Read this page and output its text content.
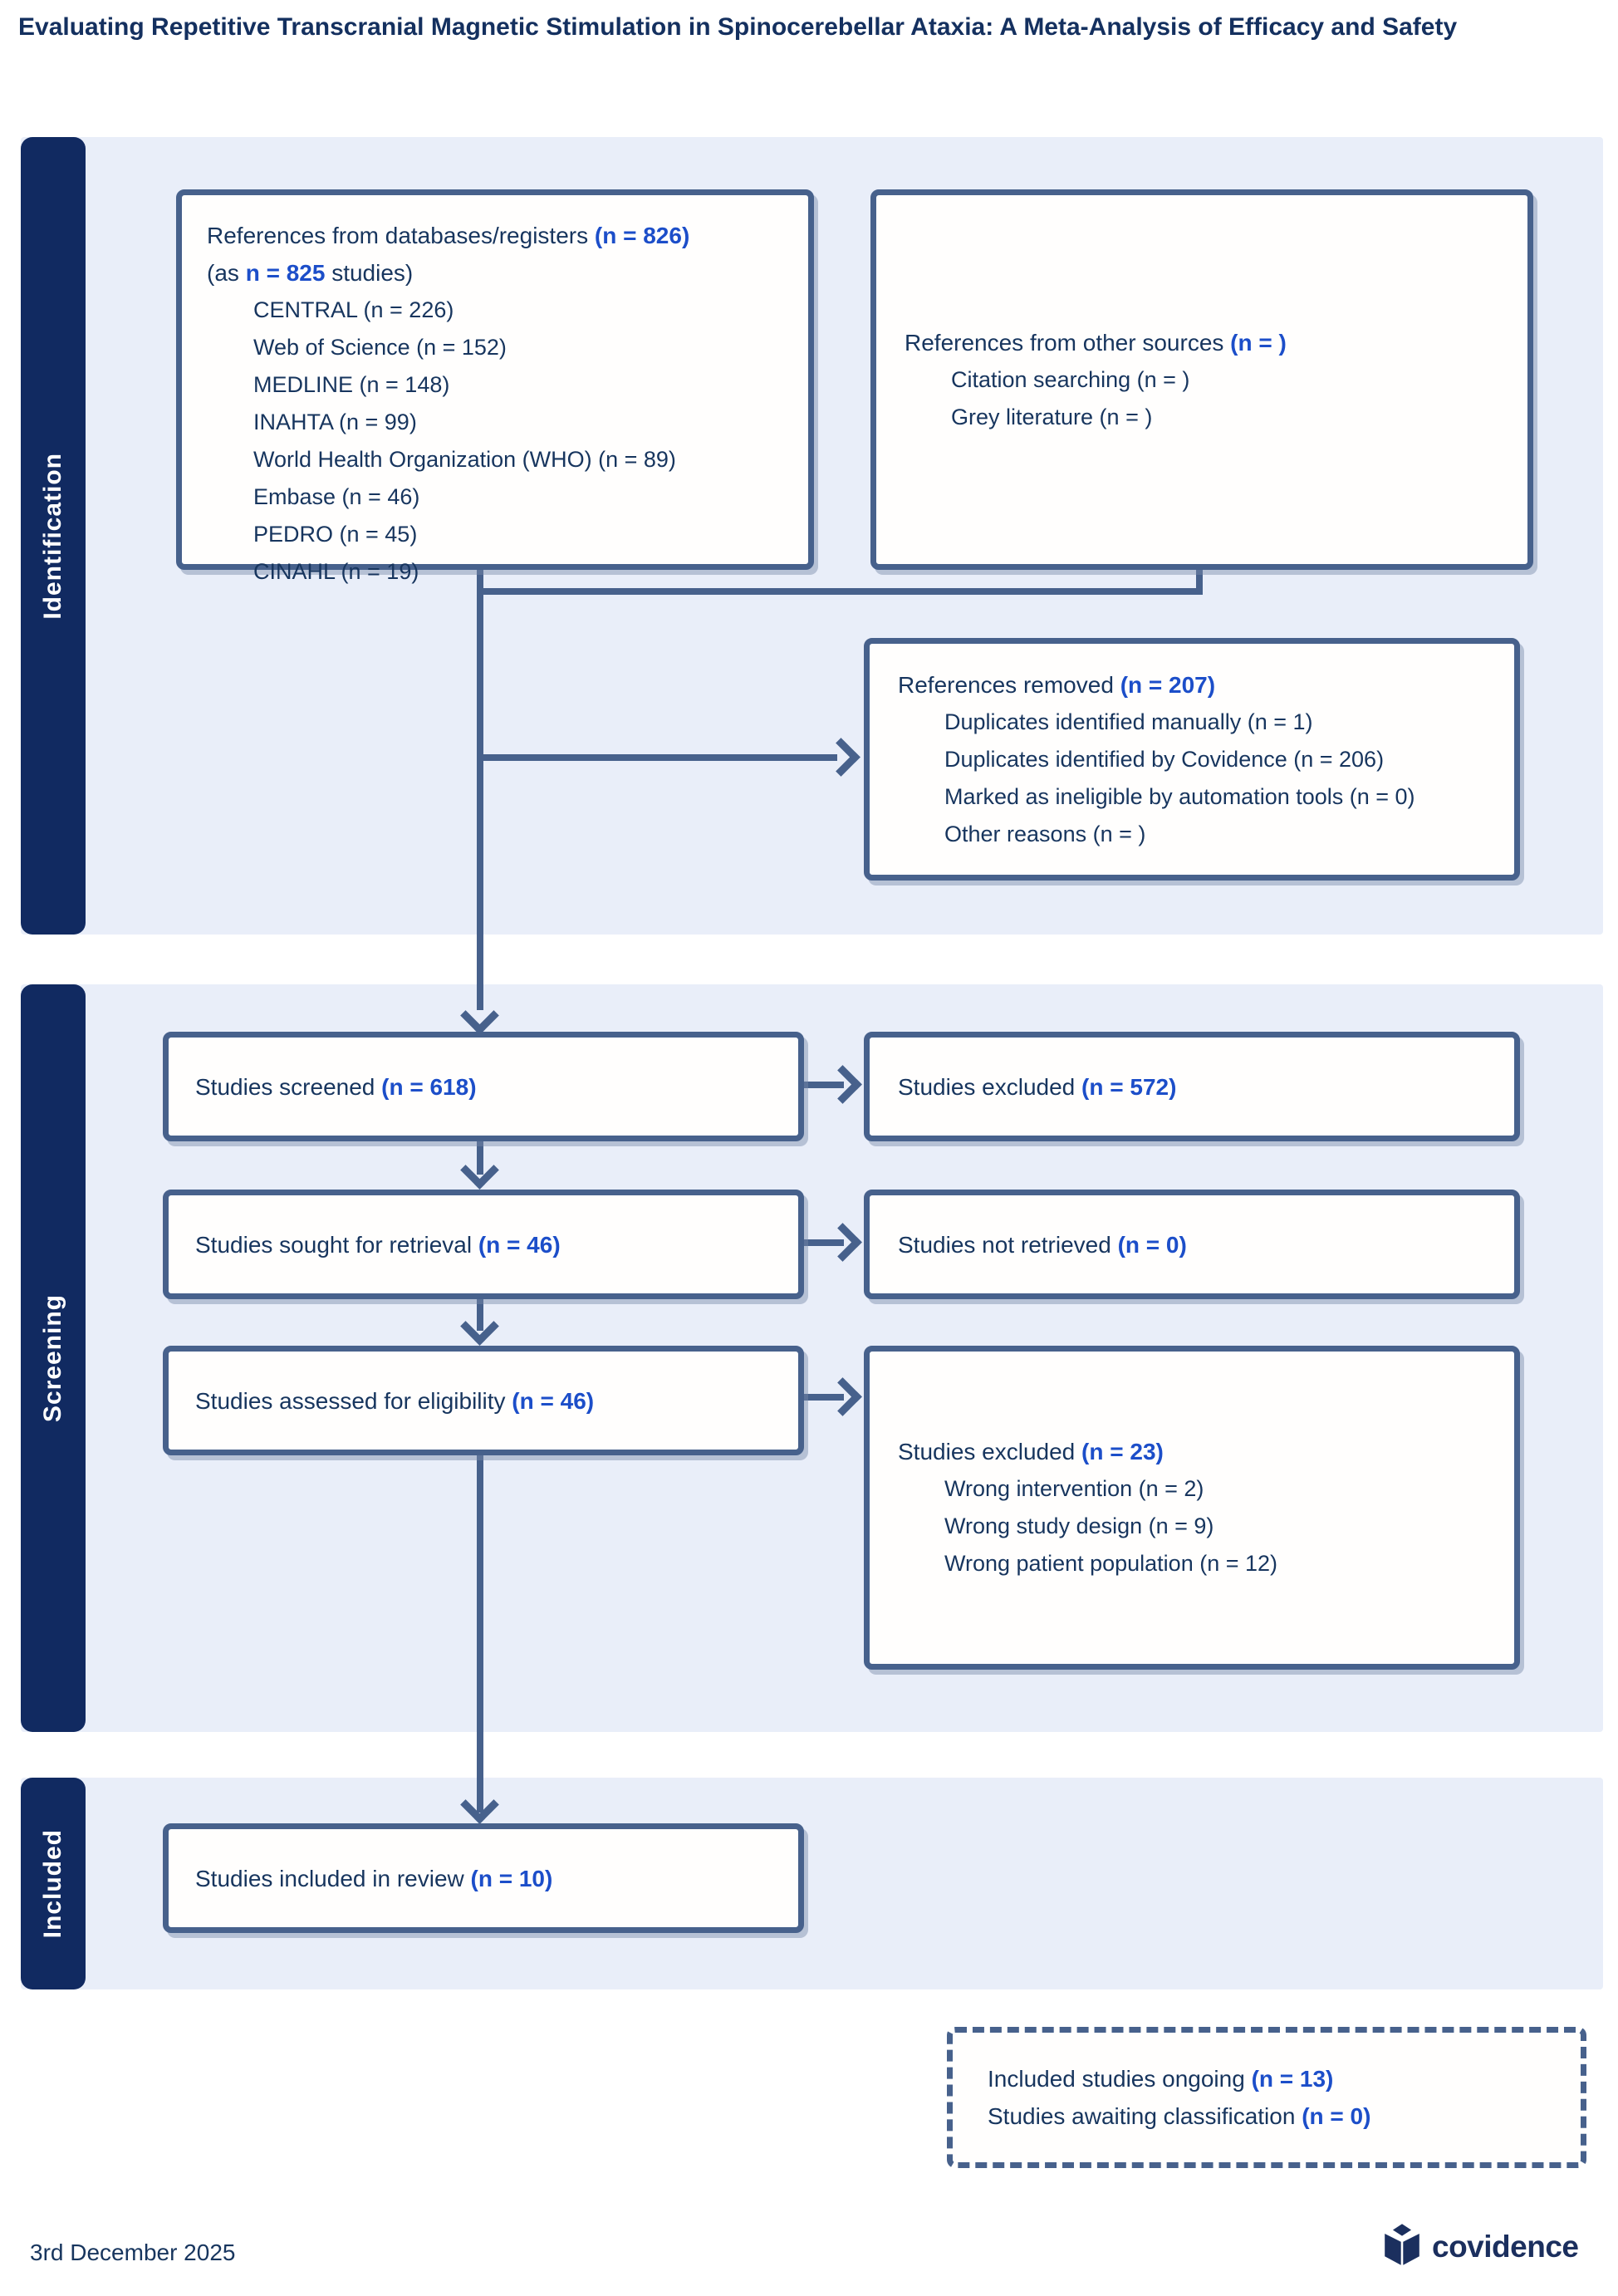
Evaluating Repetitive Transcranial Magnetic Stimulation in Spinocerebellar Ataxia: A Meta-Analysis of Efficacy and Safety
Identification
Screening
Included
References from databases/registers (n = 826)
(as n = 825 studies)
CENTRAL (n = 226)
Web of Science (n = 152)
MEDLINE (n = 148)
INAHTA (n = 99)
World Health Organization (WHO) (n = 89)
Embase (n = 46)
PEDRO (n = 45)
CINAHL (n = 19)
References from other sources (n = )
Citation searching (n = )
Grey literature (n = )
References removed (n = 207)
Duplicates identified manually (n = 1)
Duplicates identified by Covidence (n = 206)
Marked as ineligible by automation tools (n = 0)
Other reasons (n = )
Studies screened (n = 618)	Studies excluded (n = 572)
Studies sought for retrieval (n = 46)	Studies not retrieved (n = 0)
Studies assessed for eligibility (n = 46)
Studies excluded (n = 23)
Wrong intervention (n = 2)
Wrong study design (n = 9)
Wrong patient population (n = 12)
Studies included in review (n = 10)
Included studies ongoing (n = 13)
Studies awaiting classification (n = 0)
3rd December 2025	covidence
